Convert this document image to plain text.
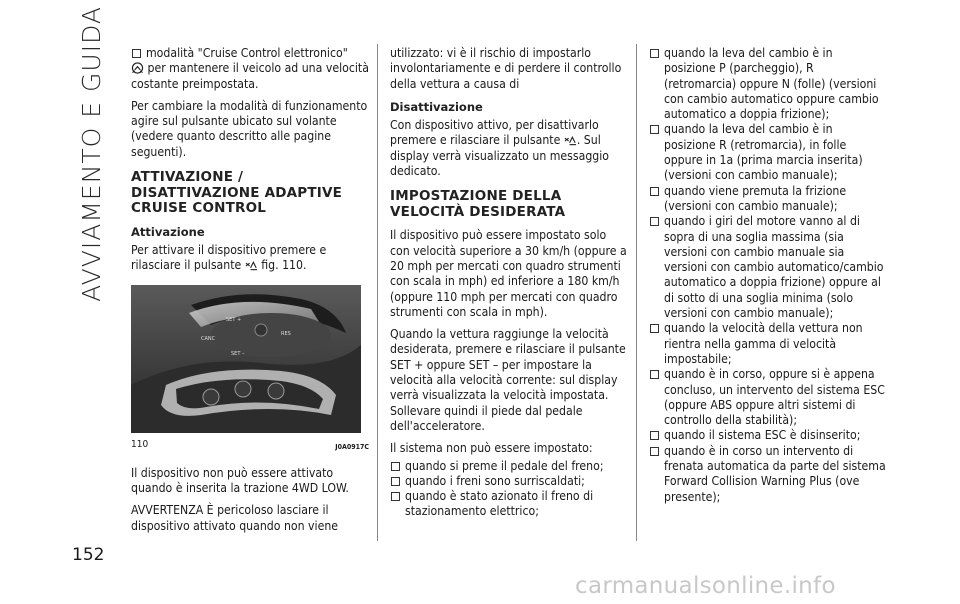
AVVIAMENTO E GUIDA	modalità "Cruise Control elettronico"

per mantenere il veicolo ad una velocità costante preimpostata.

Per cambiare la modalità di funzionamento agire sul pulsante ubicato sul volante (vedere quanto descritto alle pagine seguenti).

ATTIVAZIONE / DISATTIVAZIONE ADAPTIVE CRUISE CONTROL
Attivazione

Per attivare il dispositivo premere e rilasciare il pulsante fig. 110.

SET +
CANC
RES
SET –
110	J0A0917C

Il dispositivo non può essere attivato quando è inserita la trazione 4WD LOW.

AVVERTENZA È pericoloso lasciare il dispositivo attivato quando non viene

utilizzato: vi è il rischio di impostarlo involontariamente e di perdere il controllo della vettura a causa di

Disattivazione

Con dispositivo attivo, per disattivarlo premere e rilasciare il pulsante . Sul display verrà visualizzato un messaggio dedicato.

IMPOSTAZIONE DELLA VELOCITÀ DESIDERATA

Il dispositivo può essere impostato solo con velocità superiore a 30 km/h (oppure a 20 mph per mercati con quadro strumenti con scala in mph) ed inferiore a 180 km/h (oppure 110 mph per mercati con quadro strumenti con scala in mph).

Quando la vettura raggiunge la velocità desiderata, premere e rilasciare il pulsante SET + oppure SET – per impostare la velocità alla velocità corrente: sul display verrà visualizzata la velocità impostata. Sollevare quindi il piede dal pedale dell'acceleratore.

Il sistema non può essere impostato:

quando si preme il pedale del freno;
quando i freni sono surriscaldati;
quando è stato azionato il freno di stazionamento elettrico;
quando la leva del cambio è in posizione P (parcheggio), R (retromarcia) oppure N (folle) (versioni con cambio automatico oppure cambio automatico a doppia frizione);
quando la leva del cambio è in posizione R (retromarcia), in folle oppure in 1a (prima marcia inserita) (versioni con cambio manuale);
quando viene premuta la frizione (versioni con cambio manuale);
quando i giri del motore vanno al di sopra di una soglia massima (sia versioni con cambio manuale sia versioni con cambio automatico/cambio automatico a doppia frizione) oppure al di sotto di una soglia minima (solo versioni con cambio manuale);
quando la velocità della vettura non rientra nella gamma di velocità impostabile;
quando è in corso, oppure si è appena concluso, un intervento del sistema ESC (oppure ABS oppure altri sistemi di controllo della stabilità);
quando il sistema ESC è disinserito;
quando è in corso un intervento di frenata automatica da parte del sistema Forward Collision Warning Plus (ove presente);
152
carmanualsonline.info
